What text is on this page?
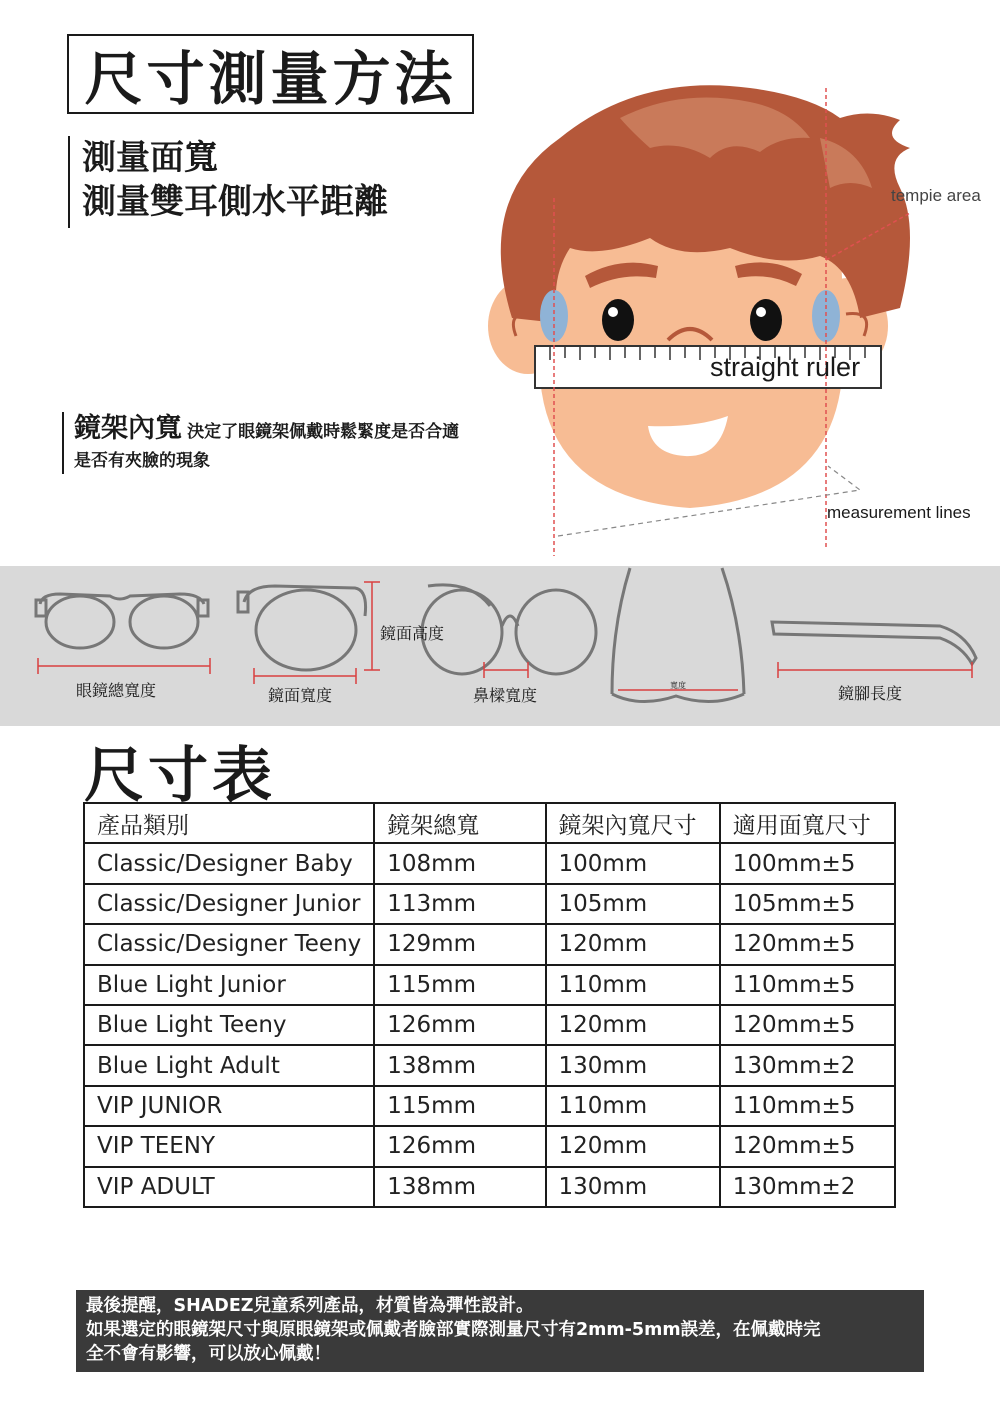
尺寸測量方法
測量面寬
測量雙耳側水平距離
鏡架內寬 決定了眼鏡架佩戴時鬆緊度是否合適
是否有夾臉的現象
straight ruler
tempie area
measurement lines
眼鏡總寬度	鏡面寬度
鏡面高度
鼻樑寬度
寬度	鏡腳長度
尺寸表
產品類別	鏡架總寬	鏡架內寬尺寸	適用面寬尺寸
Classic/Designer Baby	108mm	100mm	100mm±5
Classic/Designer Junior	113mm	105mm	105mm±5
Classic/Designer Teeny	129mm	120mm	120mm±5
Blue Light Junior	115mm	110mm	110mm±5
Blue Light Teeny	126mm	120mm	120mm±5
Blue Light Adult	138mm	130mm	130mm±2
VIP JUNIOR	115mm	110mm	110mm±5
VIP TEENY	126mm	120mm	120mm±5
VIP ADULT	138mm	130mm	130mm±2
最後提醒，SHADEZ兒童系列產品，材質皆為彈性設計。
如果選定的眼鏡架尺寸與原眼鏡架或佩戴者臉部實際測量尺寸有2mm-5mm誤差，在佩戴時完
全不會有影響，可以放心佩戴！
